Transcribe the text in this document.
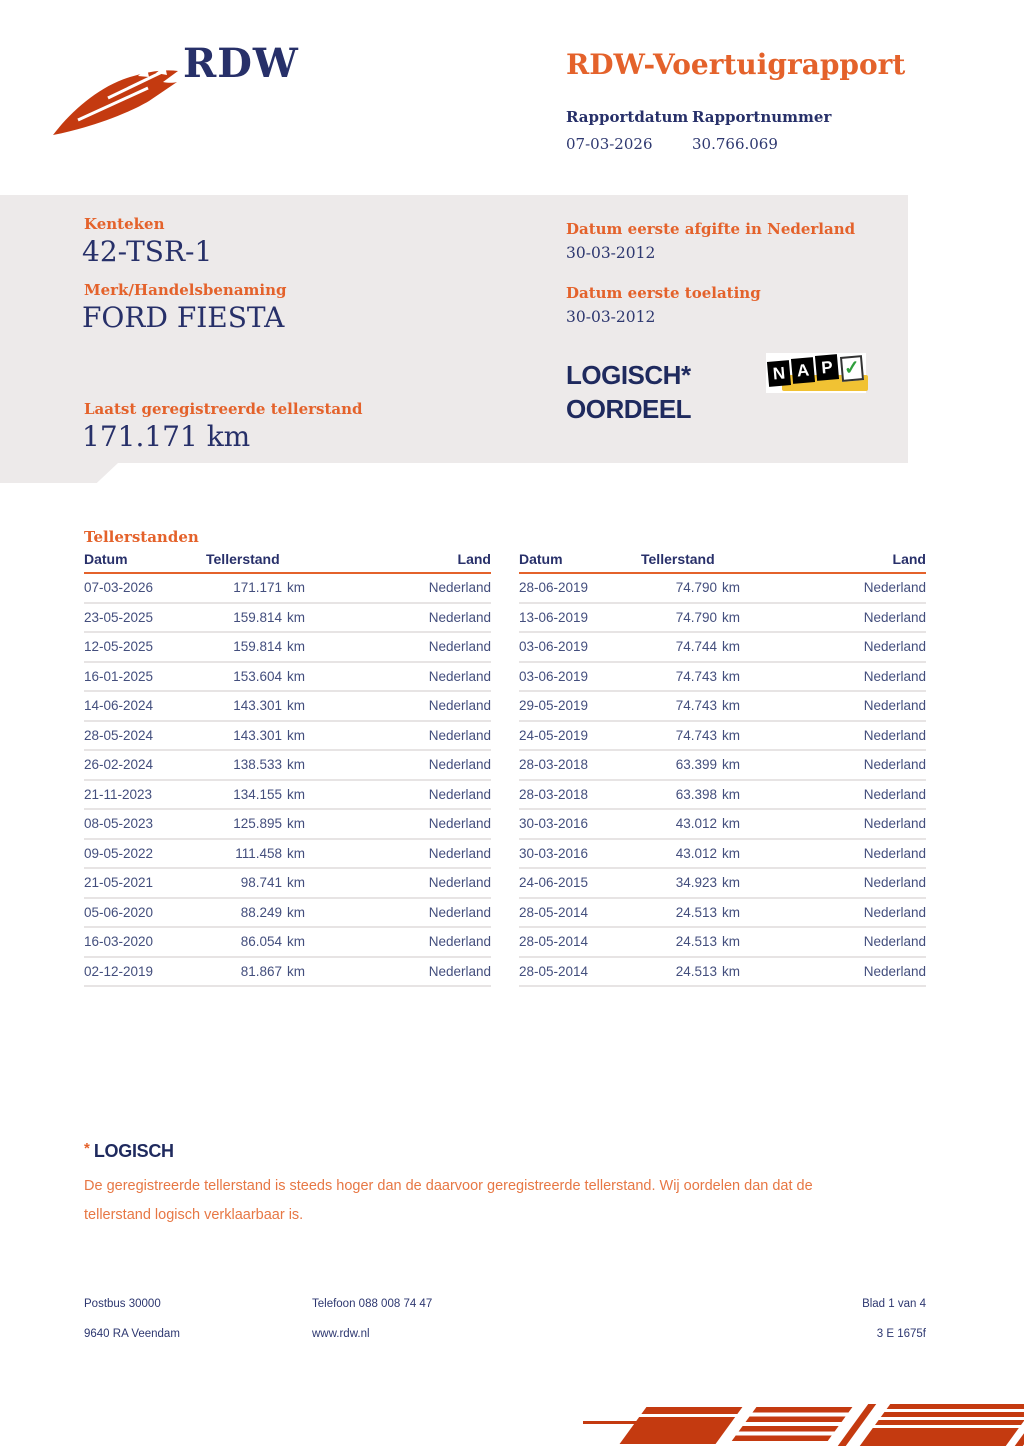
RDW	RDW-Voertuigrapport
Rapportdatum
07-03-2026
Rapportnummer
30.766.069
Kenteken
42-TSR-1
Merk/Handelsbenaming
FORD FIESTA
Laatst geregistreerde tellerstand
171.171 km
Datum eerste afgifte in Nederland
30-03-2012
Datum eerste toelating
30-03-2012
LOGISCH*
OORDEEL
N A P ✓
Tellerstanden
Datum	Tellerstand	Land
07-03-2026	171.171 km	Nederland
23-05-2025	159.814 km	Nederland
12-05-2025	159.814 km	Nederland
16-01-2025	153.604 km	Nederland
14-06-2024	143.301 km	Nederland
28-05-2024	143.301 km	Nederland
26-02-2024	138.533 km	Nederland
21-11-2023	134.155 km	Nederland
08-05-2023	125.895 km	Nederland
09-05-2022	111.458 km	Nederland
21-05-2021	98.741 km	Nederland
05-06-2020	88.249 km	Nederland
16-03-2020	86.054 km	Nederland
02-12-2019	81.867 km	Nederland
Datum	Tellerstand	Land
28-06-2019	74.790 km	Nederland
13-06-2019	74.790 km	Nederland
03-06-2019	74.744 km	Nederland
03-06-2019	74.743 km	Nederland
29-05-2019	74.743 km	Nederland
24-05-2019	74.743 km	Nederland
28-03-2018	63.399 km	Nederland
28-03-2018	63.398 km	Nederland
30-03-2016	43.012 km	Nederland
30-03-2016	43.012 km	Nederland
24-06-2015	34.923 km	Nederland
28-05-2014	24.513 km	Nederland
28-05-2014	24.513 km	Nederland
28-05-2014	24.513 km	Nederland
* LOGISCH
De geregistreerde tellerstand is steeds hoger dan de daarvoor geregistreerde tellerstand. Wij oordelen dan dat de
tellerstand logisch verklaarbaar is.
Postbus 30000
9640 RA Veendam
Telefoon 088 008 74 47
www.rdw.nl
Blad 1 van 4
3 E 1675f
